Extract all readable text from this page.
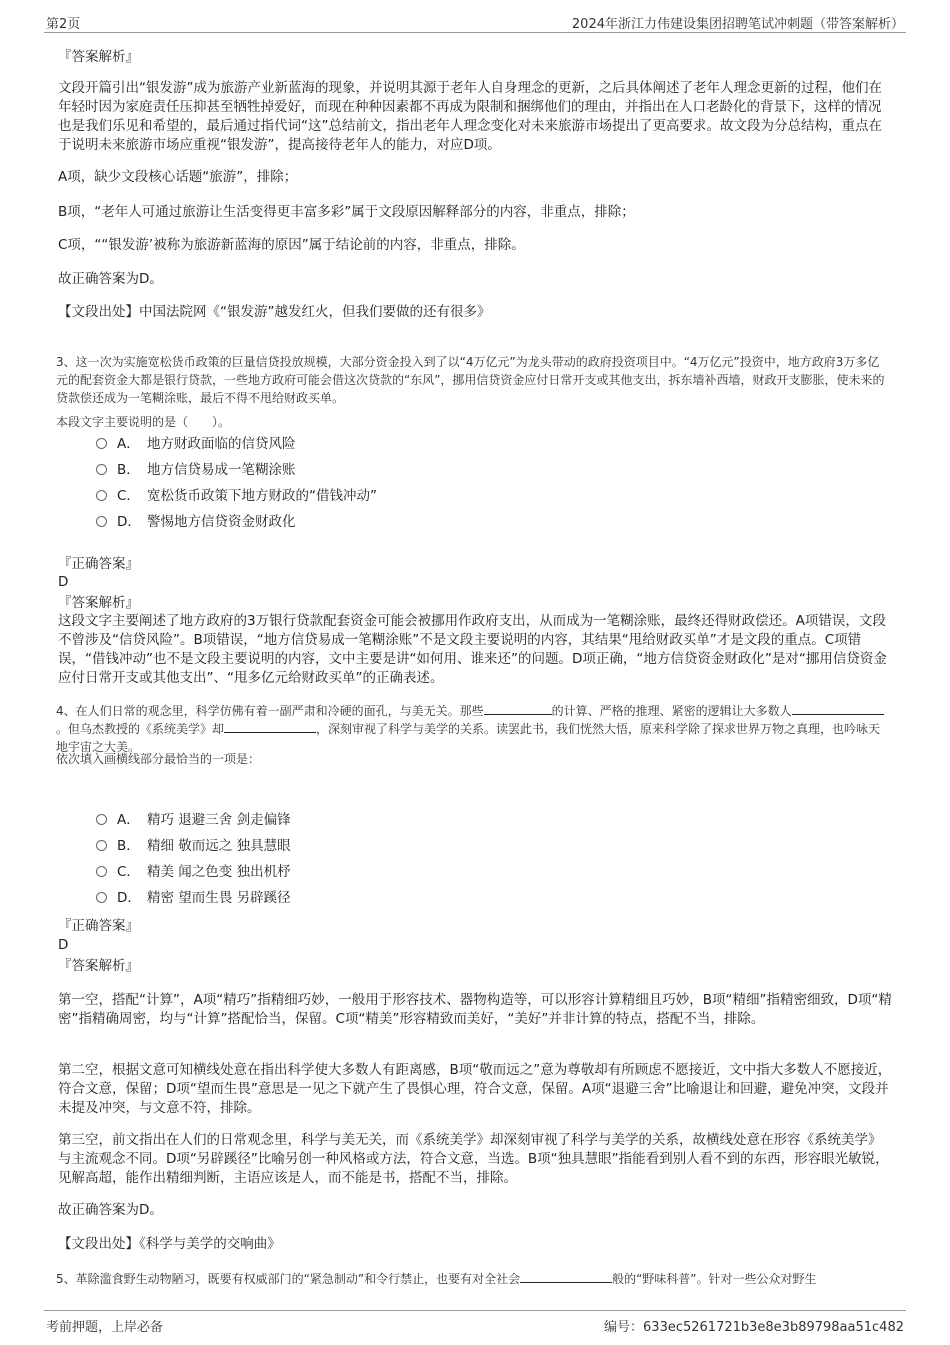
第2页	2024年浙江力伟建设集团招聘笔试冲刺题（带答案解析）

『答案解析』

文段开篇引出“银发游”成为旅游产业新蓝海的现象，并说明其源于老年人自身理念的更新，之后具体阐述了老年人理念更新的过程，他们在年轻时因为家庭责任压抑甚至牺牲掉爱好，而现在种种因素都不再成为限制和捆绑他们的理由，并指出在人口老龄化的背景下，这样的情况也是我们乐见和希望的，最后通过指代词“这”总结前文，指出老年人理念变化对未来旅游市场提出了更高要求。故文段为分总结构，重点在于说明未来旅游市场应重视“银发游”，提高接待老年人的能力，对应D项。

A项，缺少文段核心话题“旅游”，排除；

B项，“老年人可通过旅游让生活变得更丰富多彩”属于文段原因解释部分的内容，非重点，排除；

C项，““银发游’被称为旅游新蓝海的原因”属于结论前的内容，非重点，排除。

故正确答案为D。

【文段出处】中国法院网《“银发游”越发红火，但我们要做的还有很多》

3、这一次为实施宽松货币政策的巨量信贷投放规模，大部分资金投入到了以“4万亿元”为龙头带动的政府投资项目中。“4万亿元”投资中，地方政府3万多亿元的配套资金大都是银行贷款，一些地方政府可能会借这次贷款的“东风”，挪用信贷资金应付日常开支或其他支出，拆东墙补西墙，财政开支膨胀，使未来的贷款偿还成为一笔糊涂账，最后不得不甩给财政买单。

本段文字主要说明的是（　　）。

A． 地方财政面临的信贷风险
B． 地方信贷易成一笔糊涂账
C． 宽松货币政策下地方财政的“借钱冲动”
D． 警惕地方信贷资金财政化

『正确答案』

D

『答案解析』

这段文字主要阐述了地方政府的3万银行贷款配套资金可能会被挪用作政府支出，从而成为一笔糊涂账，最终还得财政偿还。A项错误，文段不曾涉及“信贷风险”。B项错误，“地方信贷易成一笔糊涂账”不是文段主要说明的内容，其结果“甩给财政买单”才是文段的重点。C项错误，“借钱冲动”也不是文段主要说明的内容，文中主要是讲“如何用、谁来还”的问题。D项正确，“地方信贷资金财政化”是对“挪用信贷资金应付日常开支或其他支出”、“甩多亿元给财政买单”的正确表述。

4、在人们日常的观念里，科学仿佛有着一副严肃和冷硬的面孔，与美无关。那些	的计算、严格的推理、紧密的逻辑让大多数人。但乌杰教授的《系统美学》却	，深刻审视了科学与美学的关系。读罢此书，我们恍然大悟，原来科学除了探求世界万物之真理，也吟咏天地宇宙之大美。

依次填入画横线部分最恰当的一项是：

A． 精巧 退避三舍 剑走偏锋
B． 精细 敬而远之 独具慧眼
C． 精美 闻之色变 独出机杼
D． 精密 望而生畏 另辟蹊径

『正确答案』

D

『答案解析』

第一空，搭配“计算”，A项“精巧”指精细巧妙，一般用于形容技术、器物构造等，可以形容计算精细且巧妙，B项“精细”指精密细致，D项“精密”指精确周密，均与“计算”搭配恰当，保留。C项“精美”形容精致而美好，“美好”并非计算的特点，搭配不当，排除。

第二空，根据文意可知横线处意在指出科学使大多数人有距离感，B项“敬而远之”意为尊敬却有所顾虑不愿接近，文中指大多数人不愿接近，符合文意，保留；D项“望而生畏”意思是一见之下就产生了畏惧心理，符合文意，保留。A项“退避三舍”比喻退让和回避，避免冲突，文段并未提及冲突，与文意不符，排除。

第三空，前文指出在人们的日常观念里，科学与美无关，而《系统美学》却深刻审视了科学与美学的关系，故横线处意在形容《系统美学》与主流观念不同。D项“另辟蹊径”比喻另创一种风格或方法，符合文意，当选。B项“独具慧眼”指能看到别人看不到的东西，形容眼光敏锐，见解高超，能作出精细判断，主语应该是人，而不能是书，搭配不当，排除。

故正确答案为D。

【文段出处】《科学与美学的交响曲》

5、革除滥食野生动物陋习，既要有权威部门的“紧急制动”和令行禁止，也要有对全社会	般的“野味科普”。针对一些公众对野生

考前押题，上岸必备	编号：633ec5261721b3e8e3b89798aa51c482
